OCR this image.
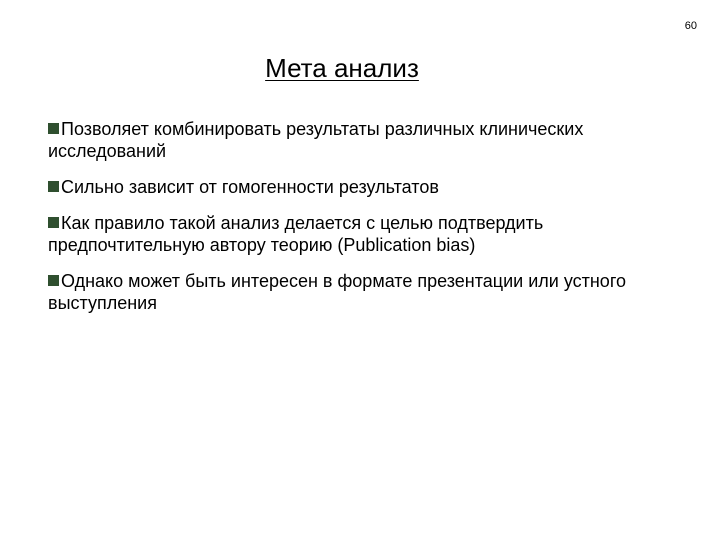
60
Мета анализ
Позволяет комбинировать результаты различных клинических исследований
Сильно зависит от гомогенности результатов
Как правило такой анализ делается с целью подтвердить предпочтительную автору теорию (Publication bias)
Однако может быть интересен в формате презентации или устного выступления
